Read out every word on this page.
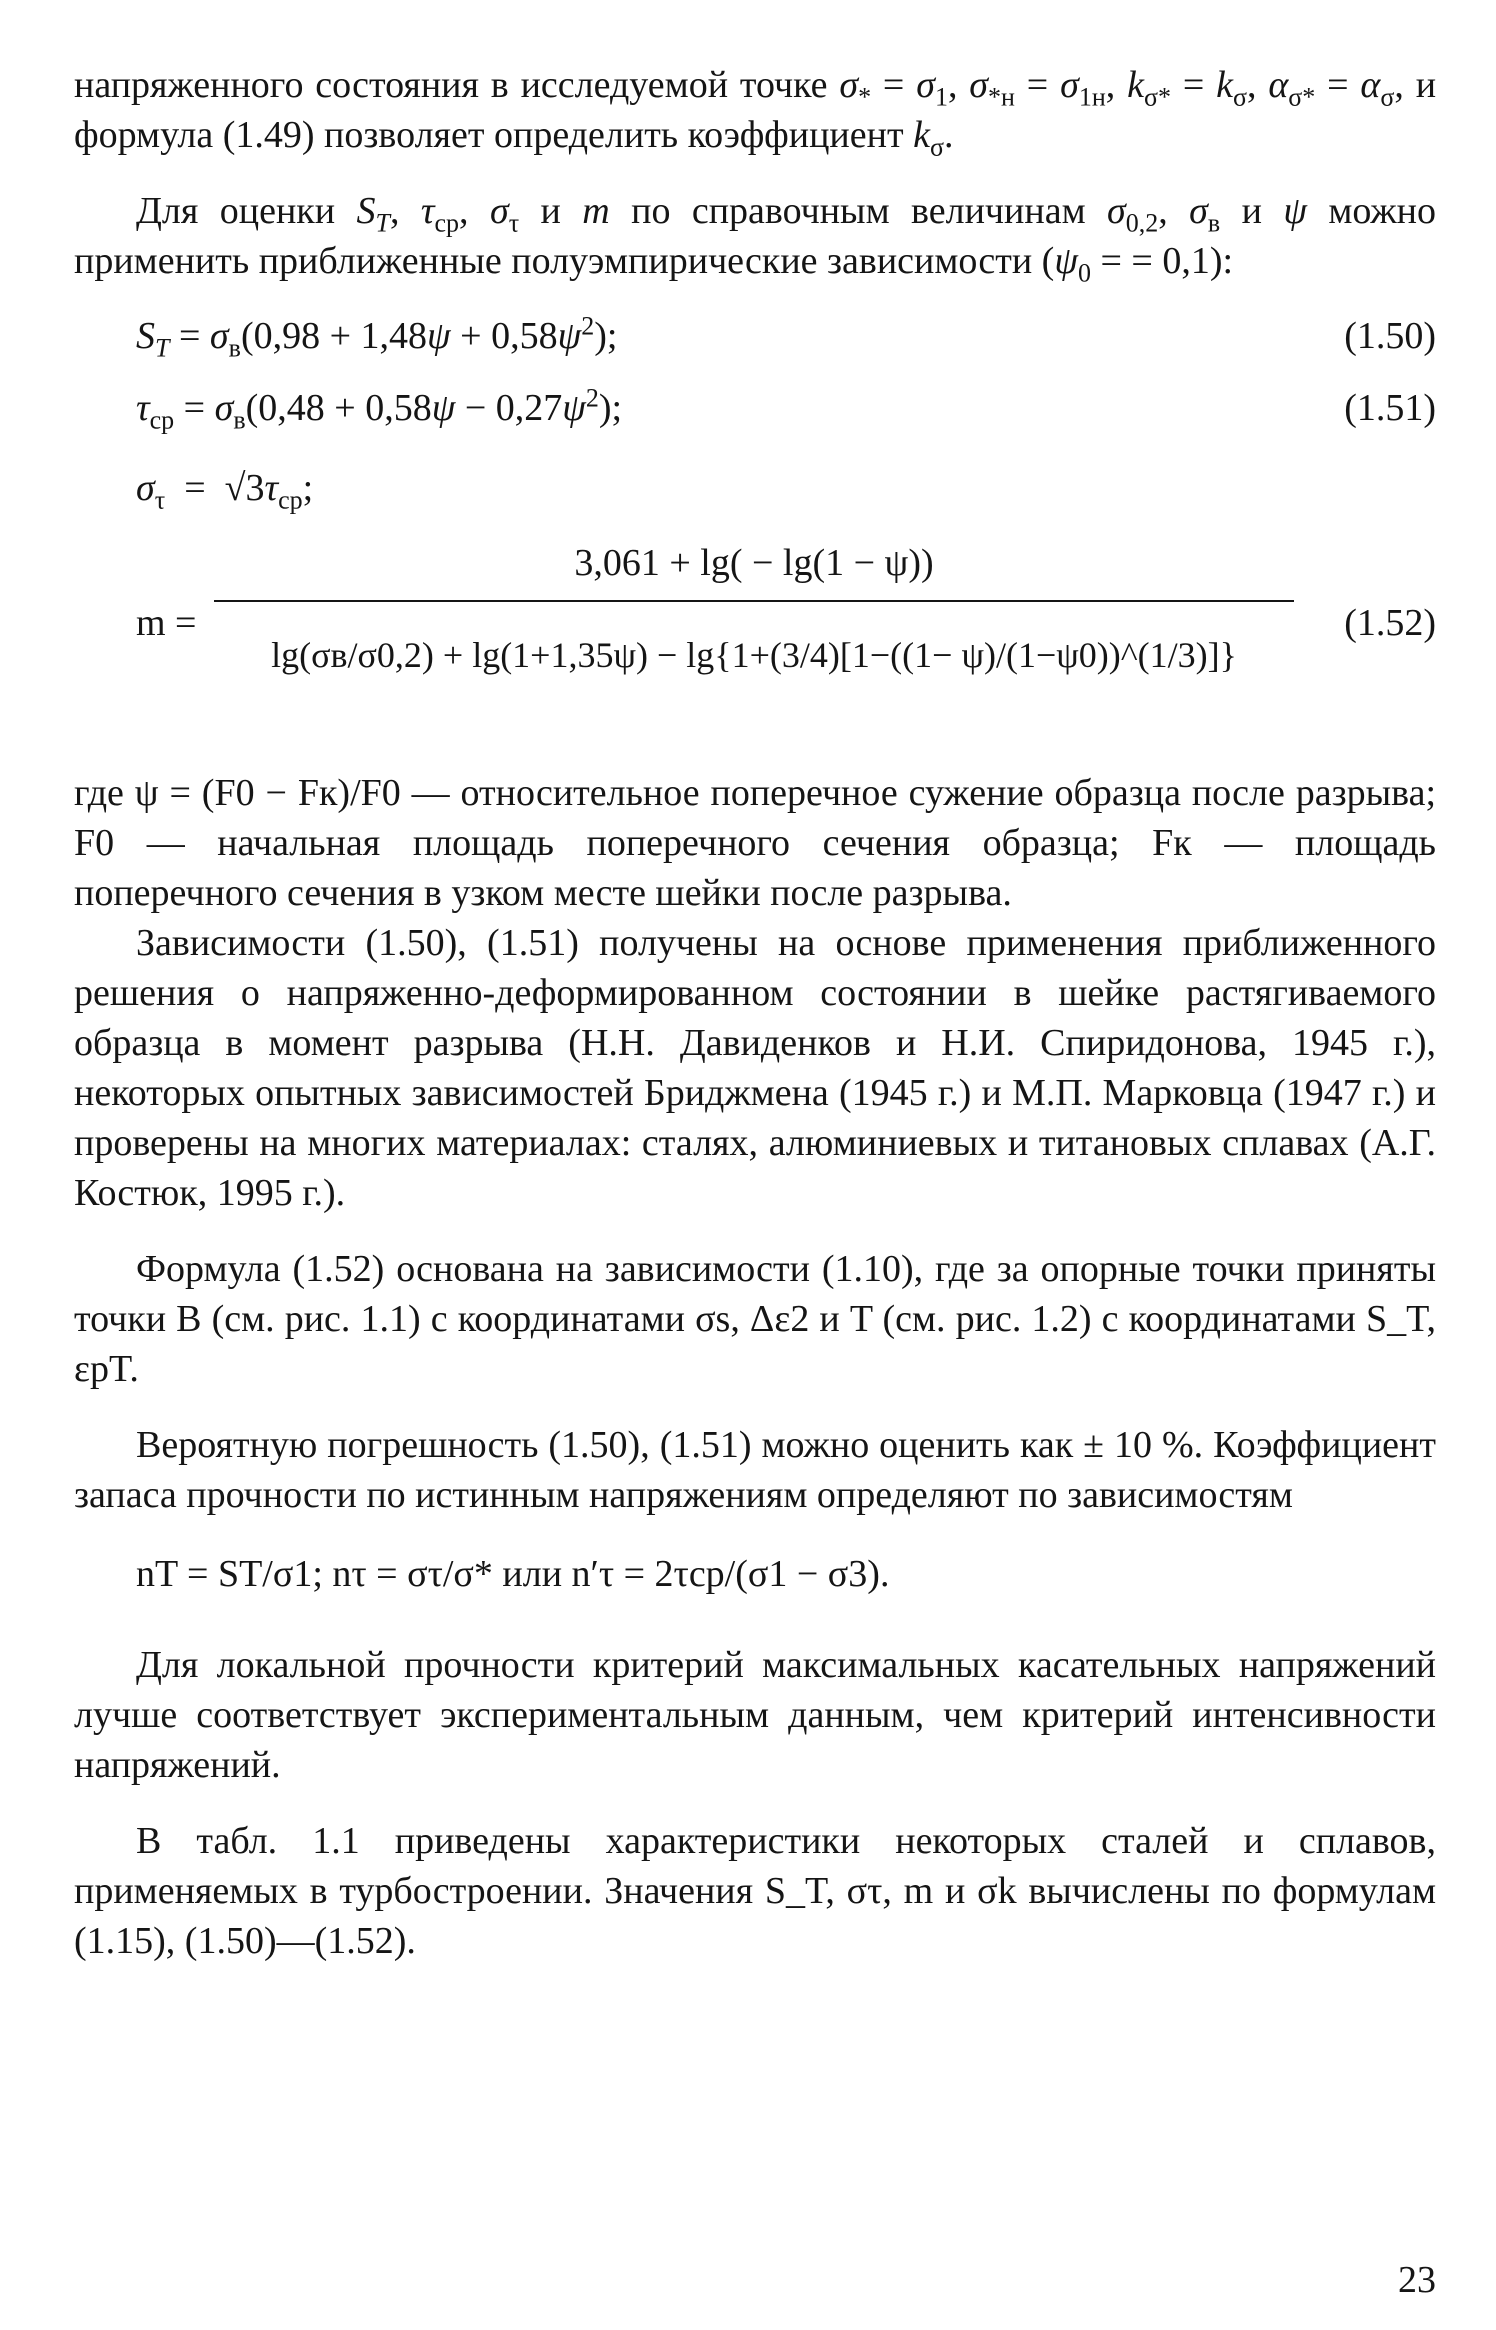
напряженного состояния в исследуемой точке $\sigma_* = \sigma_1$, $\sigma_{*н} = \sigma_{1н}$, $k_{\sigma*} = k_\sigma$, $\alpha_{\sigma*} = \alpha_\sigma$, и формула (1.49) позволяет определить коэффициент $k_\sigma$.

Для оценки $S_T$, $\tau_{ср}$, $\sigma_\tau$ и m по справочным величинам $\sigma_{0,2}$, $\sigma_в$ и ψ можно применить приближенные полуэмпирические зависимости ($\psi_0$ = = 0,1):

$S_T = \sigma_в(0,98 + 1,48\psi + 0,58\psi^2)$;	(1.50)
$\tau_{ср} = \sigma_в(0,48 + 0,58\psi - 0,27\psi^2)$;	(1.51)
$\sigma_\tau = √3\tau_{ср}$;
m =
3,061 + lg( − lg(1 − ψ))
lg(σв/σ0,2) + lg(1+1,35ψ) − lg{1+(3/4)[1−((1− ψ)/(1−ψ0))^(1/3)]}
(1.52)

где ψ = (F0 − Fк)/F0 — относительное поперечное сужение образца после разрыва; F0 — начальная площадь поперечного сечения образца; Fк — площадь поперечного сечения в узком месте шейки после разрыва.

Зависимости (1.50), (1.51) получены на основе применения приближенного решения о напряженно-деформированном состоянии в шейке растягиваемого образца в момент разрыва (Н.Н. Давиденков и Н.И. Спиридонова, 1945 г.), некоторых опытных зависимостей Бриджмена (1945 г.) и М.П. Марковца (1947 г.) и проверены на многих материалах: сталях, алюминиевых и титановых сплавах (А.Г. Костюк, 1995 г.).

Формула (1.52) основана на зависимости (1.10), где за опорные точки приняты точки B (см. рис. 1.1) с координатами σs, Δε2 и T (см. рис. 1.2) с координатами S_T, εpT.

Вероятную погрешность (1.50), (1.51) можно оценить как ± 10 %. Коэффициент запаса прочности по истинным напряжениям определяют по зависимостям

nT = ST/σ1; nτ = στ/σ* или n′τ = 2τср/(σ1 − σ3).

Для локальной прочности критерий максимальных касательных напряжений лучше соответствует экспериментальным данным, чем критерий интенсивности напряжений.

В табл. 1.1 приведены характеристики некоторых сталей и сплавов, применяемых в турбостроении. Значения S_T, στ, m и σk вычислены по формулам (1.15), (1.50)—(1.52).

23
